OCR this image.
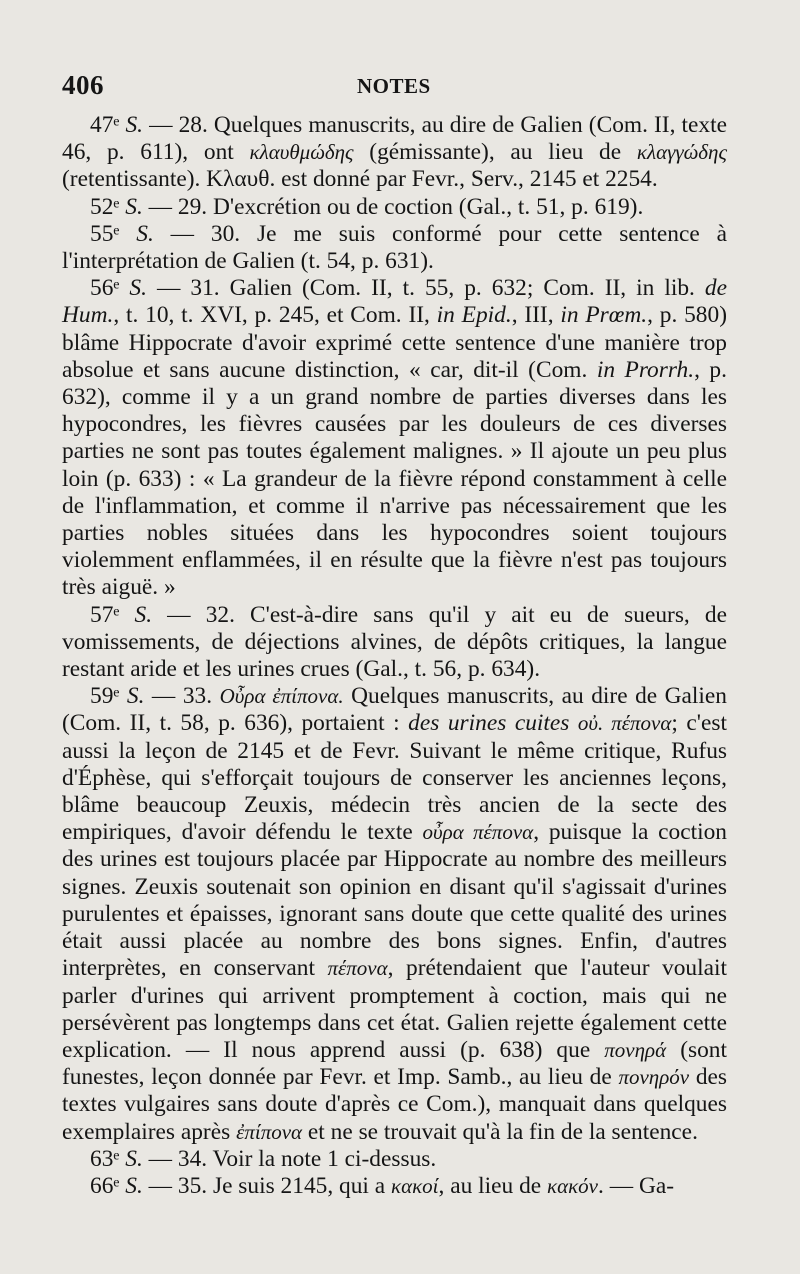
406	NOTES

47ᵉ S. — 28. Quelques manuscrits, au dire de Galien (Com. II, texte 46, p. 611), ont κλαυθμώδης (gémissante), au lieu de κλαγγώδης (retentissante). Κλαυθ. est donné par Fevr., Serv., 2145 et 2254.

52ᵉ S. — 29. D'excrétion ou de coction (Gal., t. 51, p. 619).

55ᵉ S. — 30. Je me suis conformé pour cette sentence à l'interprétation de Galien (t. 54, p. 631).

56ᵉ S. — 31. Galien (Com. II, t. 55, p. 632; Com. II, in lib. de Hum., t. 10, t. XVI, p. 245, et Com. II, in Epid., III, in Prœm., p. 580) blâme Hippocrate d'avoir exprimé cette sentence d'une manière trop absolue et sans aucune distinction, « car, dit-il (Com. in Prorrh., p. 632), comme il y a un grand nombre de parties diverses dans les hypocondres, les fièvres causées par les douleurs de ces diverses parties ne sont pas toutes également malignes. » Il ajoute un peu plus loin (p. 633) : « La grandeur de la fièvre répond constamment à celle de l'inflammation, et comme il n'arrive pas nécessairement que les parties nobles situées dans les hypocondres soient toujours violemment enflammées, il en résulte que la fièvre n'est pas toujours très aiguë. »

57ᵉ S. — 32. C'est-à-dire sans qu'il y ait eu de sueurs, de vomissements, de déjections alvines, de dépôts critiques, la langue restant aride et les urines crues (Gal., t. 56, p. 634).

59ᵉ S. — 33. Οὖρα ἐπίπονα. Quelques manuscrits, au dire de Galien (Com. II, t. 58, p. 636), portaient : des urines cuites οὐ. πέπονα; c'est aussi la leçon de 2145 et de Fevr. Suivant le même critique, Rufus d'Éphèse, qui s'efforçait toujours de conserver les anciennes leçons, blâme beaucoup Zeuxis, médecin très ancien de la secte des empiriques, d'avoir défendu le texte οὖρα πέπονα, puisque la coction des urines est toujours placée par Hippocrate au nombre des meilleurs signes. Zeuxis soutenait son opinion en disant qu'il s'agissait d'urines purulentes et épaisses, ignorant sans doute que cette qualité des urines était aussi placée au nombre des bons signes. Enfin, d'autres interprètes, en conservant πέπονα, prétendaient que l'auteur voulait parler d'urines qui arrivent promptement à coction, mais qui ne persévèrent pas longtemps dans cet état. Galien rejette également cette explication. — Il nous apprend aussi (p. 638) que πονηρά (sont funestes, leçon donnée par Fevr. et Imp. Samb., au lieu de πονηρόν des textes vulgaires sans doute d'après ce Com.), manquait dans quelques exemplaires après ἐπίπονα et ne se trouvait qu'à la fin de la sentence.

63ᵉ S. — 34. Voir la note 1 ci-dessus.

66ᵉ S. — 35. Je suis 2145, qui a κακοί, au lieu de κακόν. — Ga-
